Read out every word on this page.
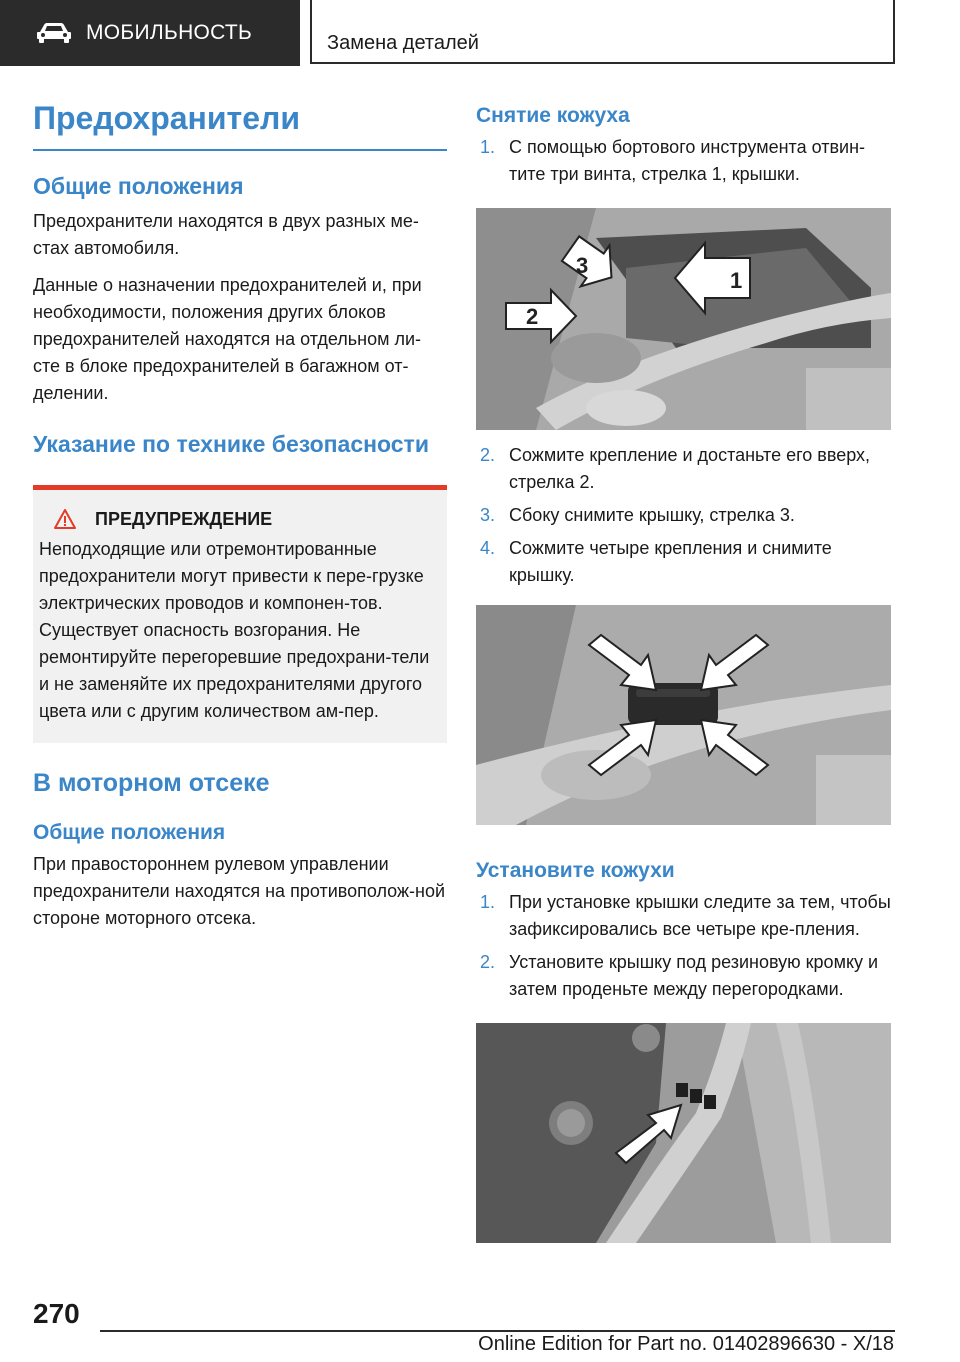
МОБИЛЬНОСТЬ	Замена деталей
Предохранители
Общие положения

Предохранители находятся в двух разных ме-стах автомобиля.

Данные о назначении предохранителей и, при необходимости, положения других блоков предохранителей находятся на отдельном ли-сте в блоке предохранителей в багажном от-делении.

Указание по технике безопасности
ПРЕДУПРЕЖДЕНИЕ

Неподходящие или отремонтированные предохранители могут привести к пере-грузке электрических проводов и компонен-тов. Существует опасность возгорания. Не ремонтируйте перегоревшие предохрани-тели и не заменяйте их предохранителями другого цвета или с другим количеством ам-пер.

В моторном отсеке
Общие положения

При правостороннем рулевом управлении предохранители находятся на противополож-ной стороне моторного отсека.

Снятие кожуха
1. С помощью бортового инструмента отвин-тите три винта, стрелка 1, крышки.
1
2
3
2. Сожмите крепление и достаньте его вверх, стрелка 2.
3. Сбоку снимите крышку, стрелка 3.
4. Сожмите четыре крепления и снимите крышку.
Установите кожухи
1. При установке крышки следите за тем, чтобы зафиксировались все четыре кре-пления.
2. Установите крышку под резиновую кромку и затем проденьте между перегородками.
270
Online Edition for Part no. 01402896630 - X/18
